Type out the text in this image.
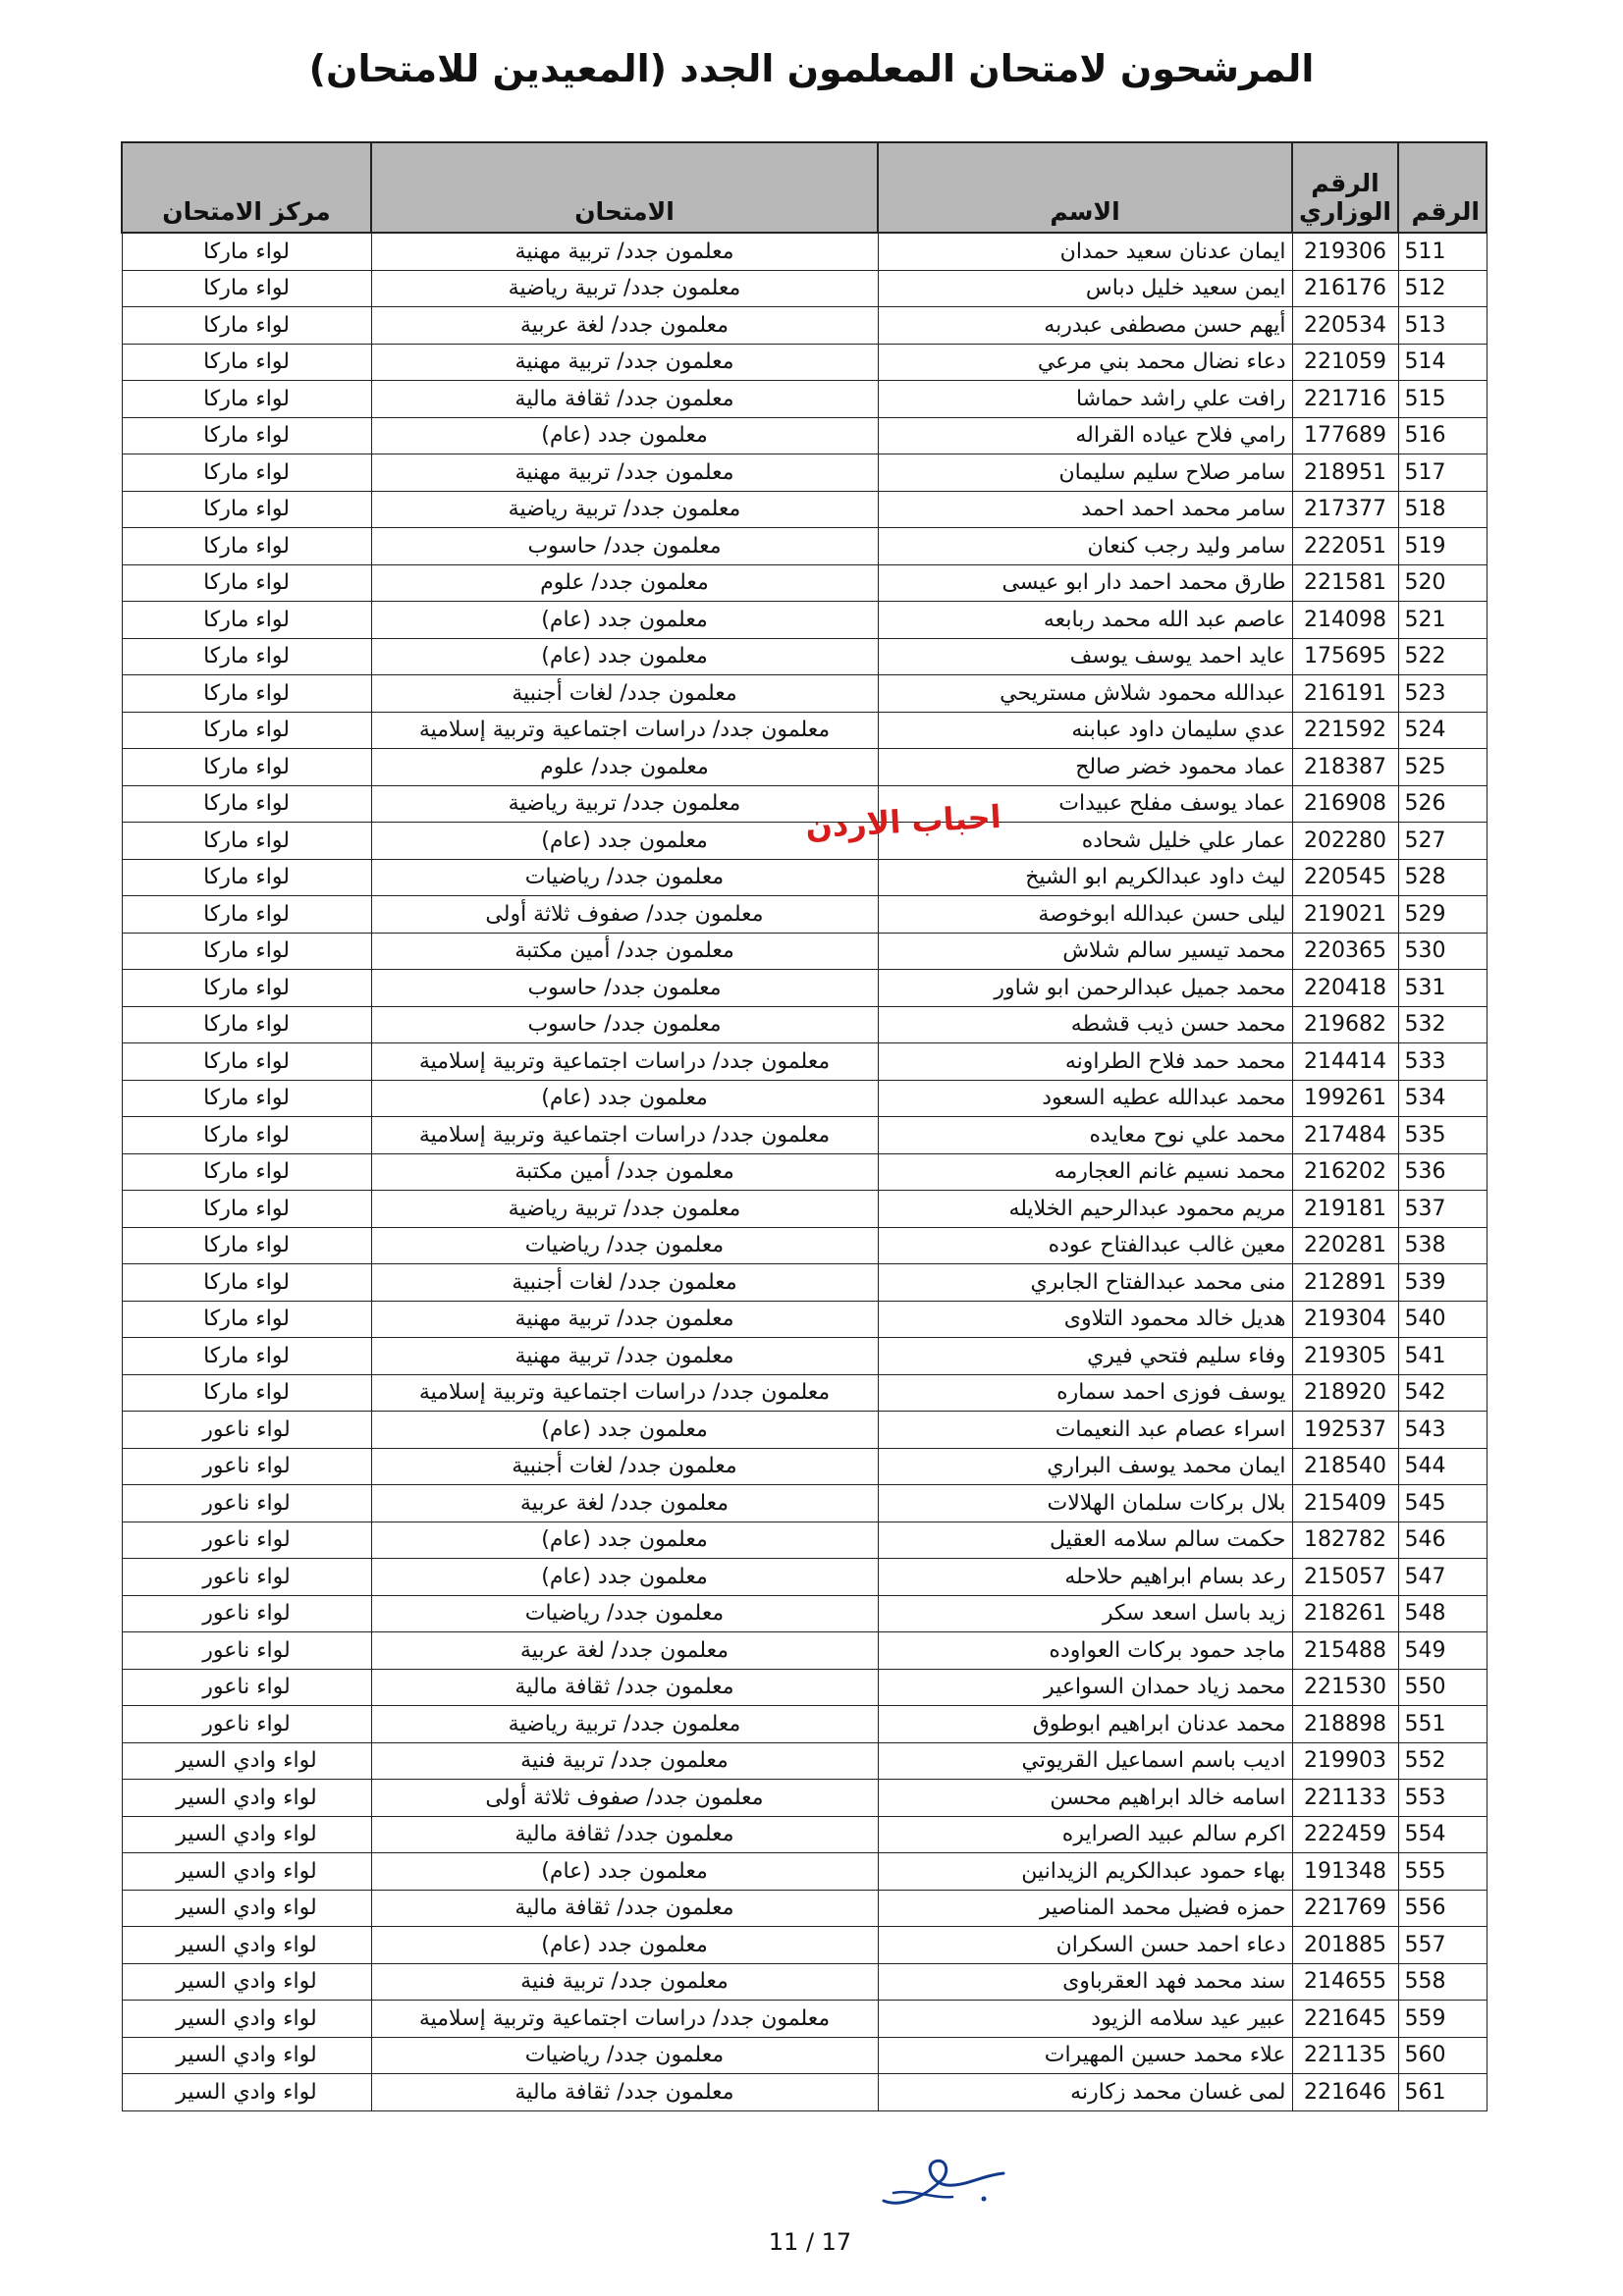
المرشحون لامتحان المعلمون الجدد (المعيدين للامتحان)
الرقم	الرقم الوزاري	الاسم	الامتحان	مركز الامتحان
511	219306	ايمان عدنان سعيد حمدان	معلمون جدد/ تربية مهنية	لواء ماركا
512	216176	ايمن سعيد خليل دباس	معلمون جدد/ تربية رياضية	لواء ماركا
513	220534	أيهم حسن مصطفى عبدربه	معلمون جدد/ لغة عربية	لواء ماركا
514	221059	دعاء نضال محمد بني مرعي	معلمون جدد/ تربية مهنية	لواء ماركا
515	221716	رافت علي راشد حماشا	معلمون جدد/ ثقافة مالية	لواء ماركا
516	177689	رامي فلاح عياده القراله	معلمون جدد (عام)	لواء ماركا
517	218951	سامر صلاح سليم سليمان	معلمون جدد/ تربية مهنية	لواء ماركا
518	217377	سامر محمد احمد احمد	معلمون جدد/ تربية رياضية	لواء ماركا
519	222051	سامر وليد رجب كنعان	معلمون جدد/ حاسوب	لواء ماركا
520	221581	طارق محمد احمد دار ابو عيسى	معلمون جدد/ علوم	لواء ماركا
521	214098	عاصم عبد الله محمد ربابعه	معلمون جدد (عام)	لواء ماركا
522	175695	عايد احمد يوسف يوسف	معلمون جدد (عام)	لواء ماركا
523	216191	عبدالله محمود شلاش مستريحي	معلمون جدد/ لغات أجنبية	لواء ماركا
524	221592	عدي سليمان داود عبابنه	معلمون جدد/ دراسات اجتماعية وتربية إسلامية	لواء ماركا
525	218387	عماد محمود خضر صالح	معلمون جدد/ علوم	لواء ماركا
526	216908	عماد يوسف مفلح عبيدات	معلمون جدد/ تربية رياضية	لواء ماركا
527	202280	عمار علي خليل شحاده	معلمون جدد (عام)	لواء ماركا
528	220545	ليث داود عبدالكريم ابو الشيخ	معلمون جدد/ رياضيات	لواء ماركا
529	219021	ليلى حسن عبدالله ابوخوصة	معلمون جدد/ صفوف ثلاثة أولى	لواء ماركا
530	220365	محمد تيسير سالم شلاش	معلمون جدد/ أمين مكتبة	لواء ماركا
531	220418	محمد جميل عبدالرحمن ابو شاور	معلمون جدد/ حاسوب	لواء ماركا
532	219682	محمد حسن ذيب قشطه	معلمون جدد/ حاسوب	لواء ماركا
533	214414	محمد حمد فلاح الطراونه	معلمون جدد/ دراسات اجتماعية وتربية إسلامية	لواء ماركا
534	199261	محمد عبدالله عطيه السعود	معلمون جدد (عام)	لواء ماركا
535	217484	محمد علي نوح معايده	معلمون جدد/ دراسات اجتماعية وتربية إسلامية	لواء ماركا
536	216202	محمد نسيم غانم العجارمه	معلمون جدد/ أمين مكتبة	لواء ماركا
537	219181	مريم محمود عبدالرحيم الخلايله	معلمون جدد/ تربية رياضية	لواء ماركا
538	220281	معين غالب عبدالفتاح عوده	معلمون جدد/ رياضيات	لواء ماركا
539	212891	منى محمد عبدالفتاح الجابري	معلمون جدد/ لغات أجنبية	لواء ماركا
540	219304	هديل خالد محمود التلاوى	معلمون جدد/ تربية مهنية	لواء ماركا
541	219305	وفاء سليم فتحي فيري	معلمون جدد/ تربية مهنية	لواء ماركا
542	218920	يوسف فوزى احمد سماره	معلمون جدد/ دراسات اجتماعية وتربية إسلامية	لواء ماركا
543	192537	اسراء عصام عبد النعيمات	معلمون جدد (عام)	لواء ناعور
544	218540	ايمان محمد يوسف البراري	معلمون جدد/ لغات أجنبية	لواء ناعور
545	215409	بلال بركات سلمان الهلالات	معلمون جدد/ لغة عربية	لواء ناعور
546	182782	حكمت سالم سلامه العقيل	معلمون جدد (عام)	لواء ناعور
547	215057	رعد بسام ابراهيم حلاحله	معلمون جدد (عام)	لواء ناعور
548	218261	زيد باسل اسعد سكر	معلمون جدد/ رياضيات	لواء ناعور
549	215488	ماجد حمود بركات العواوده	معلمون جدد/ لغة عربية	لواء ناعور
550	221530	محمد زياد حمدان السواعير	معلمون جدد/ ثقافة مالية	لواء ناعور
551	218898	محمد عدنان ابراهيم ابوطوق	معلمون جدد/ تربية رياضية	لواء ناعور
552	219903	اديب باسم اسماعيل القريوتي	معلمون جدد/ تربية فنية	لواء وادي السير
553	221133	اسامه خالد ابراهيم محسن	معلمون جدد/ صفوف ثلاثة أولى	لواء وادي السير
554	222459	اكرم سالم عبيد الصرايره	معلمون جدد/ ثقافة مالية	لواء وادي السير
555	191348	بهاء حمود عبدالكريم الزيدانين	معلمون جدد (عام)	لواء وادي السير
556	221769	حمزه فضيل محمد المناصير	معلمون جدد/ ثقافة مالية	لواء وادي السير
557	201885	دعاء احمد حسن السكران	معلمون جدد (عام)	لواء وادي السير
558	214655	سند محمد فهد العقرباوى	معلمون جدد/ تربية فنية	لواء وادي السير
559	221645	عبير عيد سلامه الزيود	معلمون جدد/ دراسات اجتماعية وتربية إسلامية	لواء وادي السير
560	221135	علاء محمد حسين المهيرات	معلمون جدد/ رياضيات	لواء وادي السير
561	221646	لمى غسان محمد زكارنه	معلمون جدد/ ثقافة مالية	لواء وادي السير
احباب الاردن
11 / 17
